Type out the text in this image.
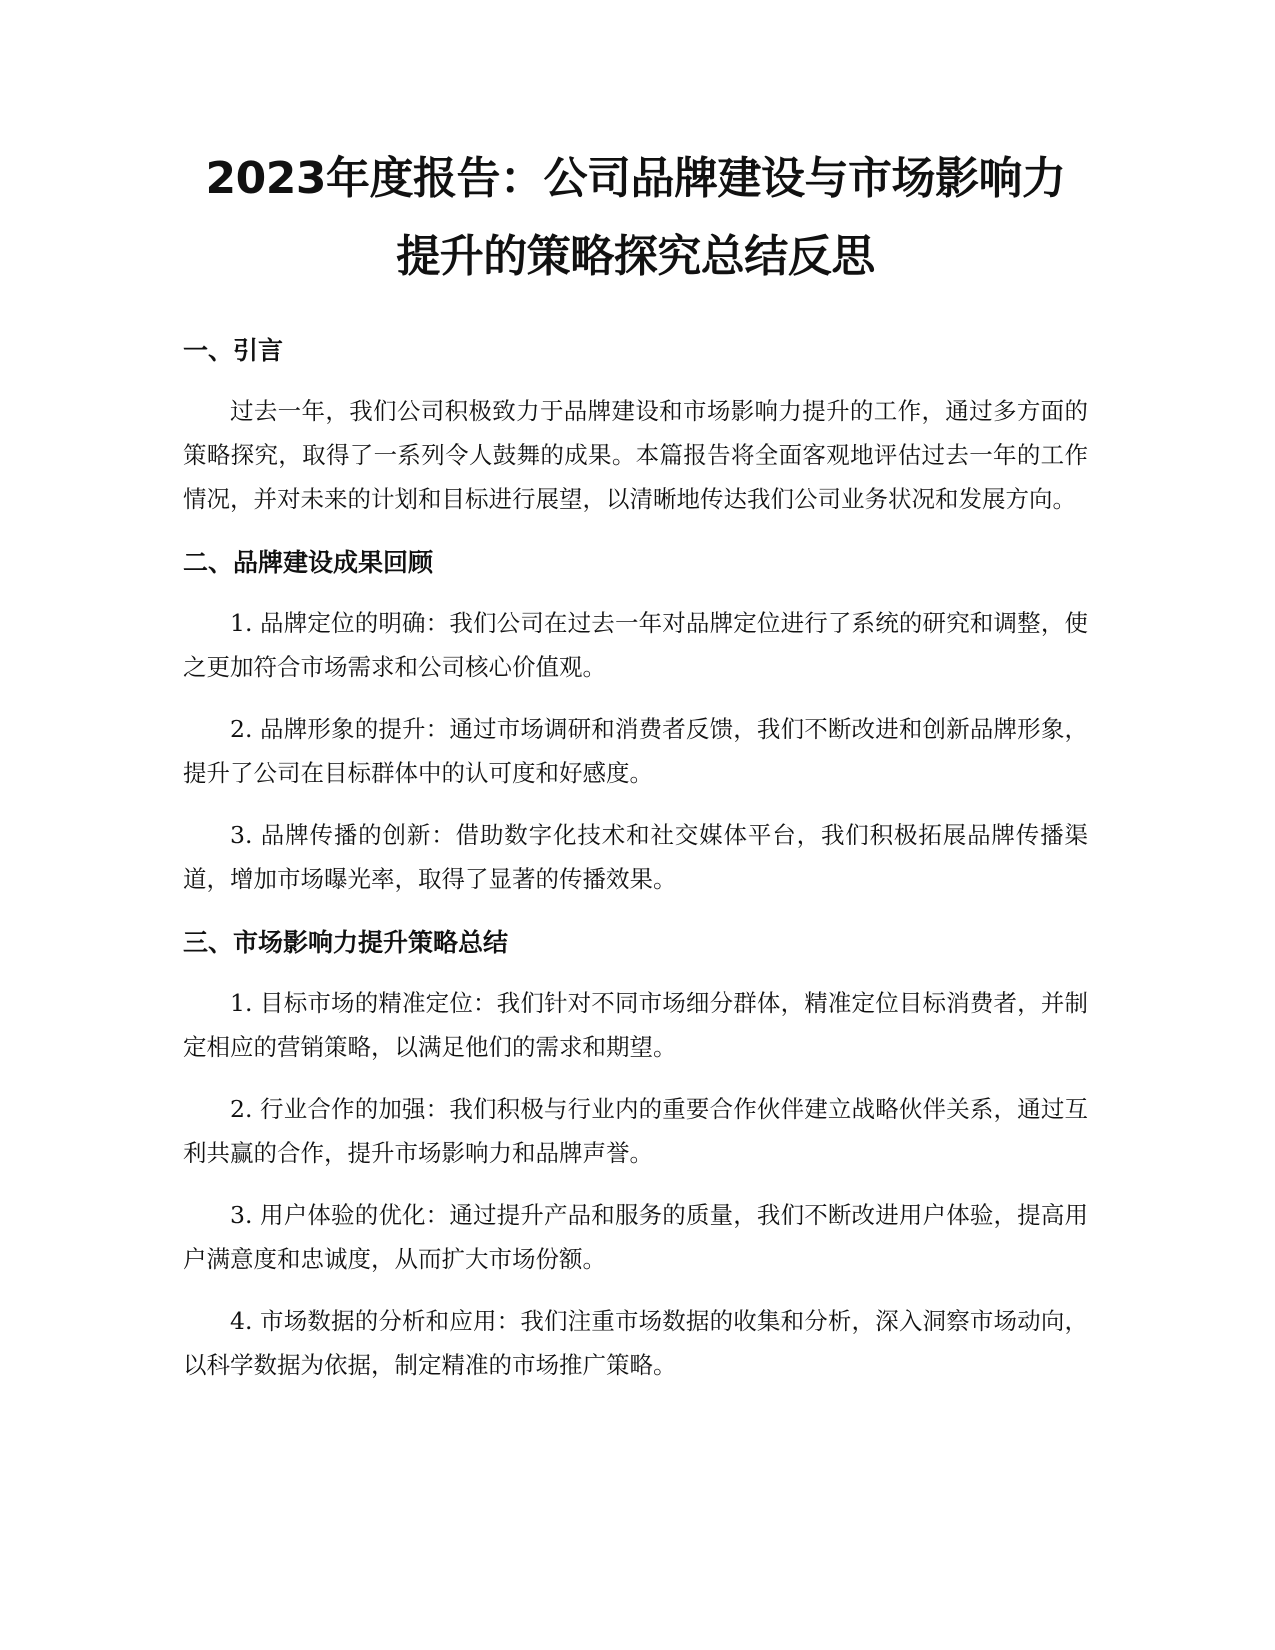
2023年度报告：公司品牌建设与市场影响力
提升的策略探究总结反思
一、引言

过去一年，我们公司积极致力于品牌建设和市场影响力提升的工作，通过多方面的策略探究，取得了一系列令人鼓舞的成果。本篇报告将全面客观地评估过去一年的工作情况，并对未来的计划和目标进行展望，以清晰地传达我们公司业务状况和发展方向。

二、品牌建设成果回顾

1. 品牌定位的明确：我们公司在过去一年对品牌定位进行了系统的研究和调整，使之更加符合市场需求和公司核心价值观。

2. 品牌形象的提升：通过市场调研和消费者反馈，我们不断改进和创新品牌形象，提升了公司在目标群体中的认可度和好感度。

3. 品牌传播的创新：借助数字化技术和社交媒体平台，我们积极拓展品牌传播渠道，增加市场曝光率，取得了显著的传播效果。

三、市场影响力提升策略总结

1. 目标市场的精准定位：我们针对不同市场细分群体，精准定位目标消费者，并制定相应的营销策略，以满足他们的需求和期望。

2. 行业合作的加强：我们积极与行业内的重要合作伙伴建立战略伙伴关系，通过互利共赢的合作，提升市场影响力和品牌声誉。

3. 用户体验的优化：通过提升产品和服务的质量，我们不断改进用户体验，提高用户满意度和忠诚度，从而扩大市场份额。

4. 市场数据的分析和应用：我们注重市场数据的收集和分析，深入洞察市场动向，以科学数据为依据，制定精准的市场推广策略。
